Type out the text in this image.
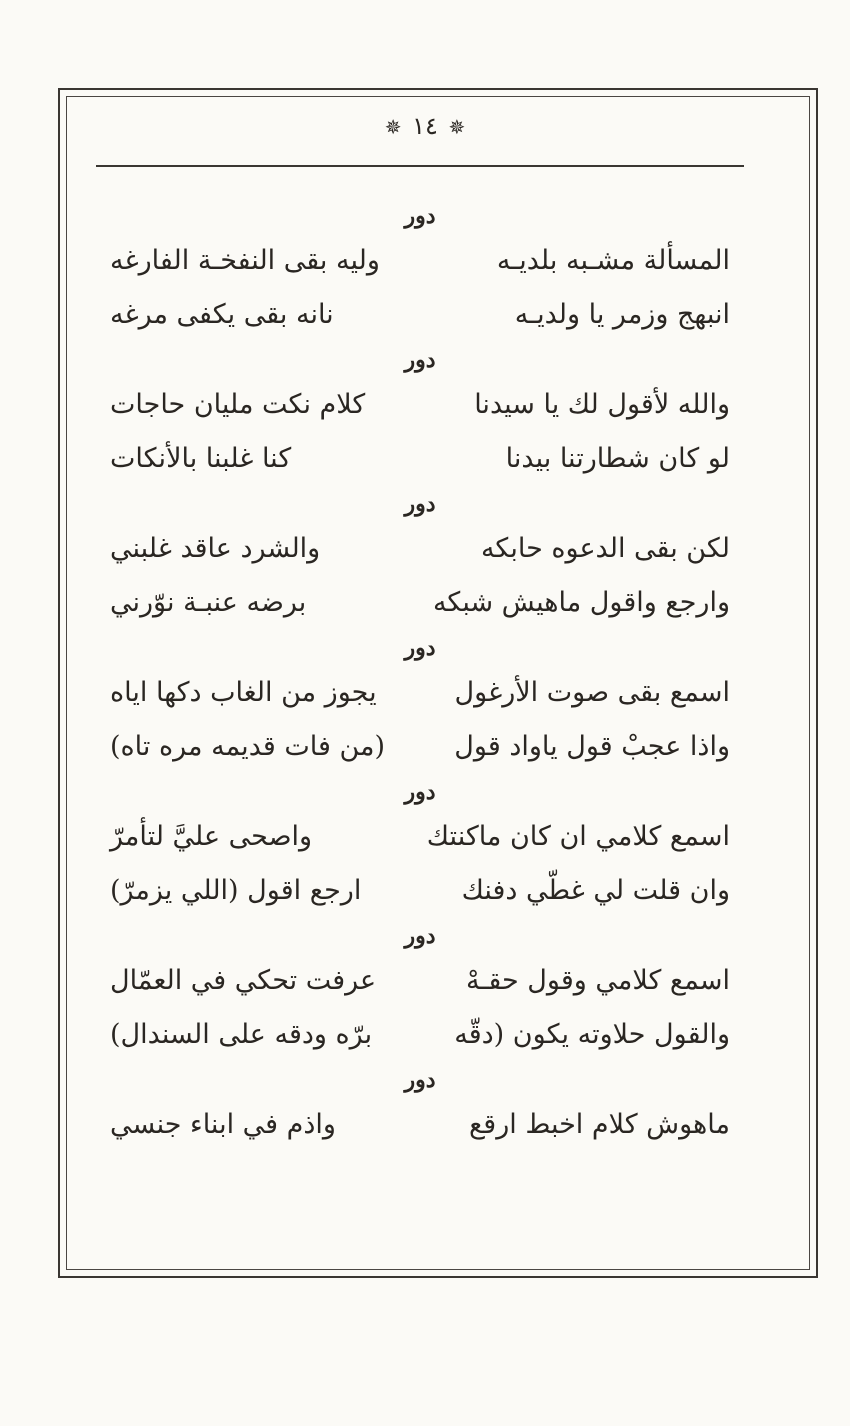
✵ ١٤ ✵
دور
المسألة مشـبه بلديـه
وليه بقى النفخـة الفارغه
انبهج وزمر يا ولديـه
نانه بقى يكفى مرغه
دور
والله لأقول لك يا سيدنا
كلام نكت مليان حاجات
لو كان شطارتنا بيدنا
كنا غلبنا بالأنكات
دور
لكن بقى الدعوه حابكه
والشرد عاقد غلبني
وارجع واقول ماهيش شبكه
برضه عنبـة نوّرني
دور
اسمع بقى صوت الأرغول
يجوز من الغاب دكها اياه
واذا عجبْ قول ياواد قول
(من فات قديمه مره تاه)
دور
اسمع كلامي ان كان ماكنتك
واصحى عليَّ لتأمرّ
وان قلت لي غطّي دفنك
ارجع اقول (اللي يزمرّ)
دور
اسمع كلامي وقول حقـهْ
عرفت تحكي في العمّال
والقول حلاوته يكون (دقّه
برّه ودقه على السندال)
دور
ماهوش كلام اخبط ارقع
واذم في ابناء جنسي
